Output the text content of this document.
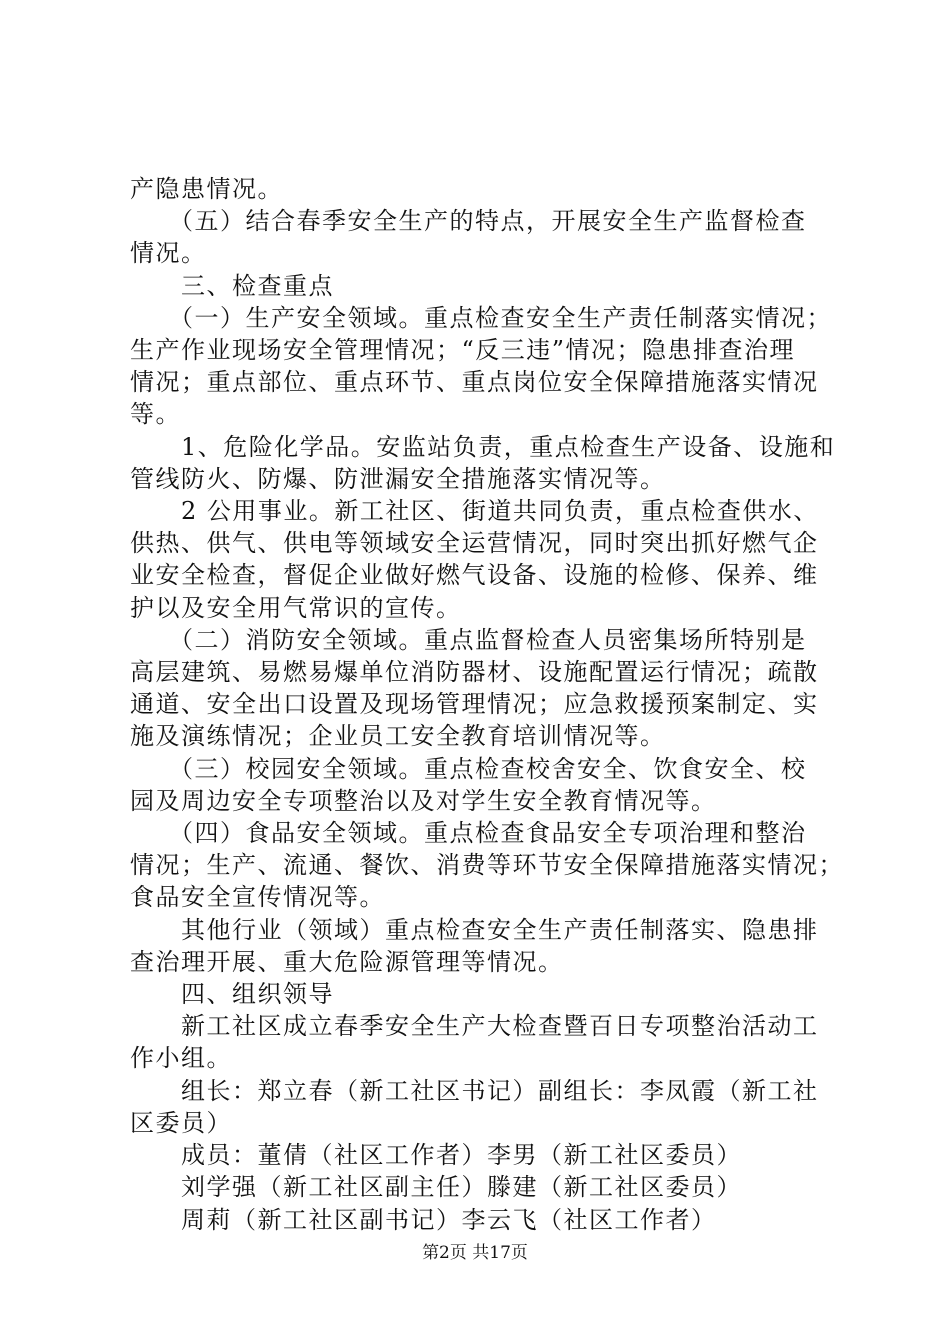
产隐患情况。
　　（五）结合春季安全生产的特点，开展安全生产监督检查
情况。
　　三、检查重点
　　（一）生产安全领域。重点检查安全生产责任制落实情况；
生产作业现场安全管理情况；“反三违”情况；隐患排查治理
情况；重点部位、重点环节、重点岗位安全保障措施落实情况
等。
　　1、危险化学品。安监站负责，重点检查生产设备、设施和
管线防火、防爆、防泄漏安全措施落实情况等。
　　2 公用事业。新工社区、街道共同负责，重点检查供水、
供热、供气、供电等领域安全运营情况，同时突出抓好燃气企
业安全检查，督促企业做好燃气设备、设施的检修、保养、维
护以及安全用气常识的宣传。
　　（二）消防安全领域。重点监督检查人员密集场所特别是
高层建筑、易燃易爆单位消防器材、设施配置运行情况；疏散
通道、安全出口设置及现场管理情况；应急救援预案制定、实
施及演练情况；企业员工安全教育培训情况等。
　　（三）校园安全领域。重点检查校舍安全、饮食安全、校
园及周边安全专项整治以及对学生安全教育情况等。
　　（四）食品安全领域。重点检查食品安全专项治理和整治
情况；生产、流通、餐饮、消费等环节安全保障措施落实情况；
食品安全宣传情况等。
　　其他行业（领域）重点检查安全生产责任制落实、隐患排
查治理开展、重大危险源管理等情况。
　　四、组织领导
　　新工社区成立春季安全生产大检查暨百日专项整治活动工
作小组。
　　组长：郑立春（新工社区书记）副组长：李凤霞（新工社
区委员）
　　成员：董倩（社区工作者）李男（新工社区委员）
　　刘学强（新工社区副主任）滕建（新工社区委员）
　　周莉（新工社区副书记）李云飞（社区工作者）
第2页 共17页
